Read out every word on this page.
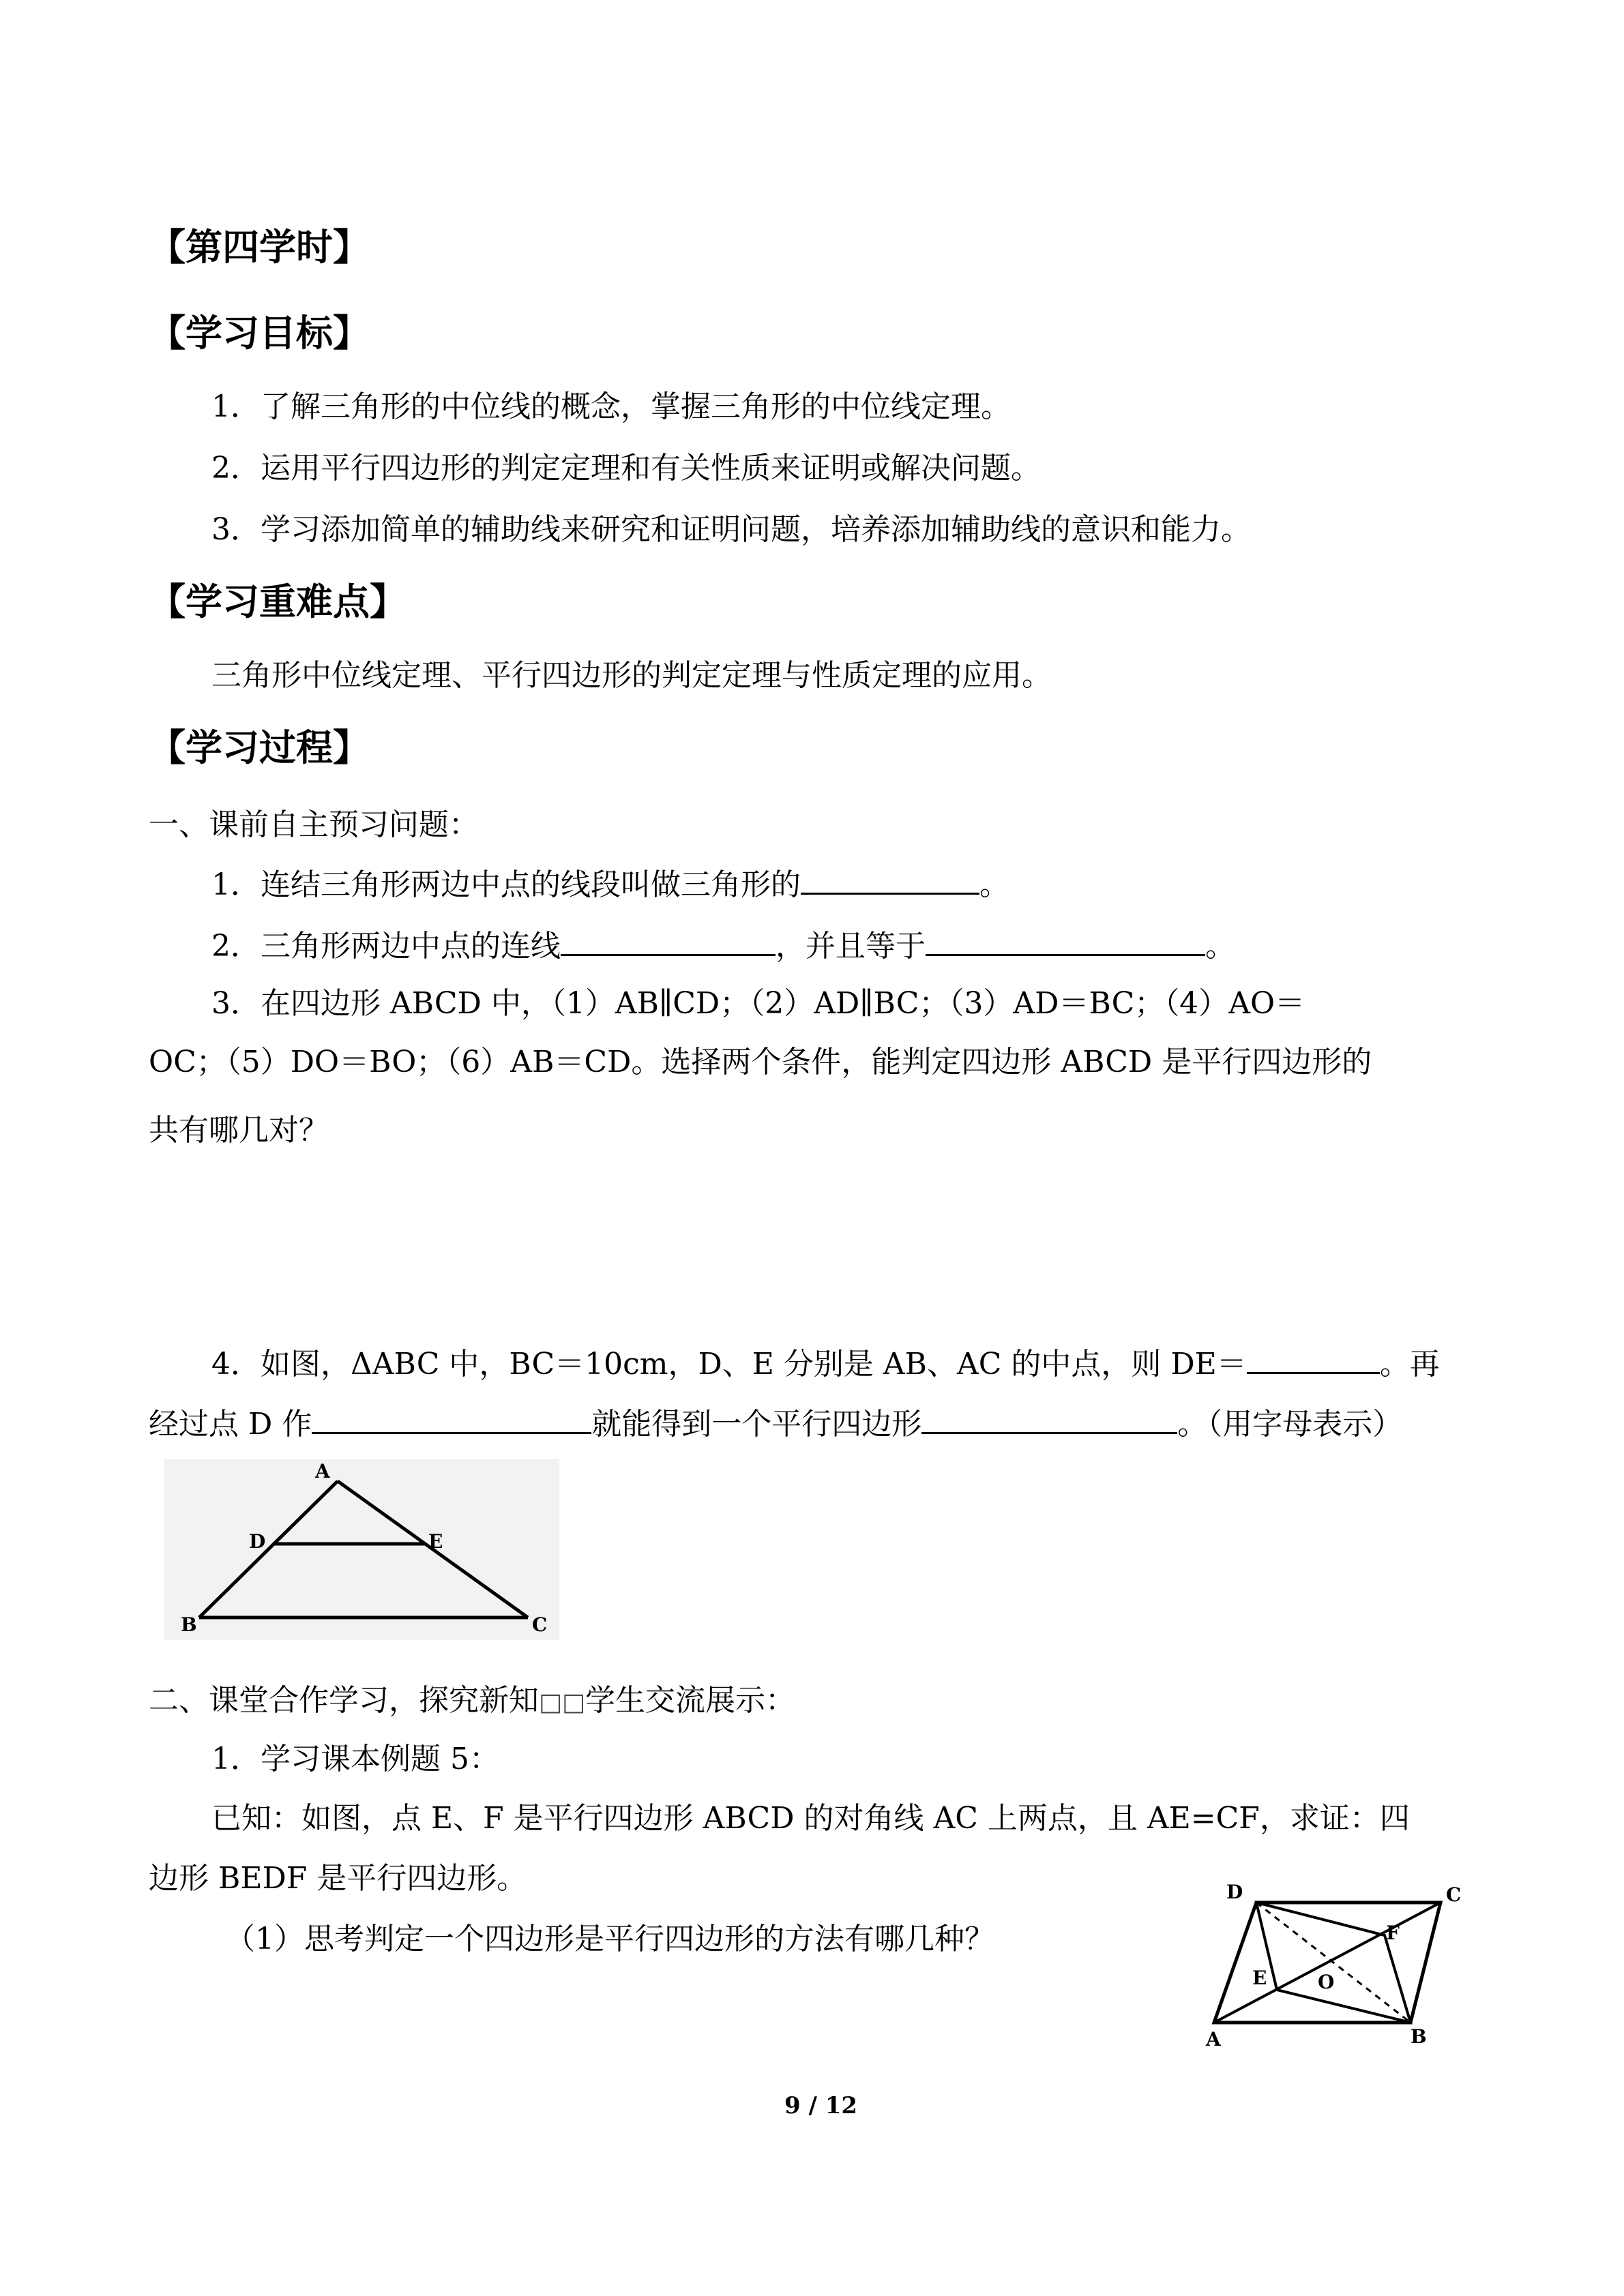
【第四学时】
【学习目标】
1．了解三角形的中位线的概念，掌握三角形的中位线定理。
2．运用平行四边形的判定定理和有关性质来证明或解决问题。
3．学习添加简单的辅助线来研究和证明问题，培养添加辅助线的意识和能力。
【学习重难点】
三角形中位线定理、平行四边形的判定定理与性质定理的应用。
【学习过程】
一、课前自主预习问题：
1．连结三角形两边中点的线段叫做三角形的	。
2．三角形两边中点的连线	，并且等于	。
3．在四边形 ABCD 中，（1）AB∥CD；（2）AD∥BC；（3）AD＝BC；（4）AO＝
OC；（5）DO＝BO；（6）AB＝CD。选择两个条件，能判定四边形 ABCD 是平行四边形的
共有哪几对？
4．如图，ΔABC 中，BC＝10cm，D、E 分别是 AB、AC 的中点，则 DE＝	。再
经过点 D 作	就能得到一个平行四边形	。（用字母表示）
A
D	E
B	C
二、课堂合作学习，探究新知□□学生交流展示：
1．学习课本例题 5：
已知：如图，点 E、F 是平行四边形 ABCD 的对角线 AC 上两点，且 AE=CF，求证：四
边形 BEDF 是平行四边形。
（1）思考判定一个四边形是平行四边形的方法有哪几种？
D	C
F
E	O
A	B
9 / 12
